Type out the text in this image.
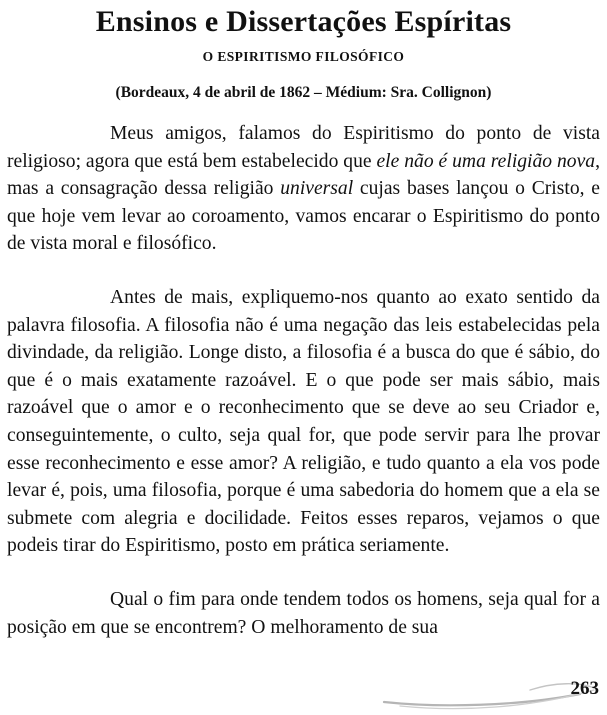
Ensinos e Dissertações Espíritas
O ESPIRITISMO FILOSÓFICO
(Bordeaux, 4 de abril de 1862 – Médium: Sra. Collignon)

Meus amigos, falamos do Espiritismo do ponto de vista religioso; agora que está bem estabelecido que ele não é uma religião nova, mas a consagração dessa religião universal cujas bases lançou o Cristo, e que hoje vem levar ao coroamento, vamos encarar o Espiritismo do ponto de vista moral e filosófico.

Antes de mais, expliquemo-nos quanto ao exato sentido da palavra filosofia. A filosofia não é uma negação das leis estabelecidas pela divindade, da religião. Longe disto, a filosofia é a busca do que é sábio, do que é o mais exatamente razoável. E o que pode ser mais sábio, mais razoável que o amor e o reconhecimento que se deve ao seu Criador e, conseguintemente, o culto, seja qual for, que pode servir para lhe provar esse reconhecimento e esse amor? A religião, e tudo quanto a ela vos pode levar é, pois, uma filosofia, porque é uma sabedoria do homem que a ela se submete com alegria e docilidade. Feitos esses reparos, vejamos o que podeis tirar do Espiritismo, posto em prática seriamente.

Qual o fim para onde tendem todos os homens, seja qual for a posição em que se encontrem? O melhoramento de sua

263
